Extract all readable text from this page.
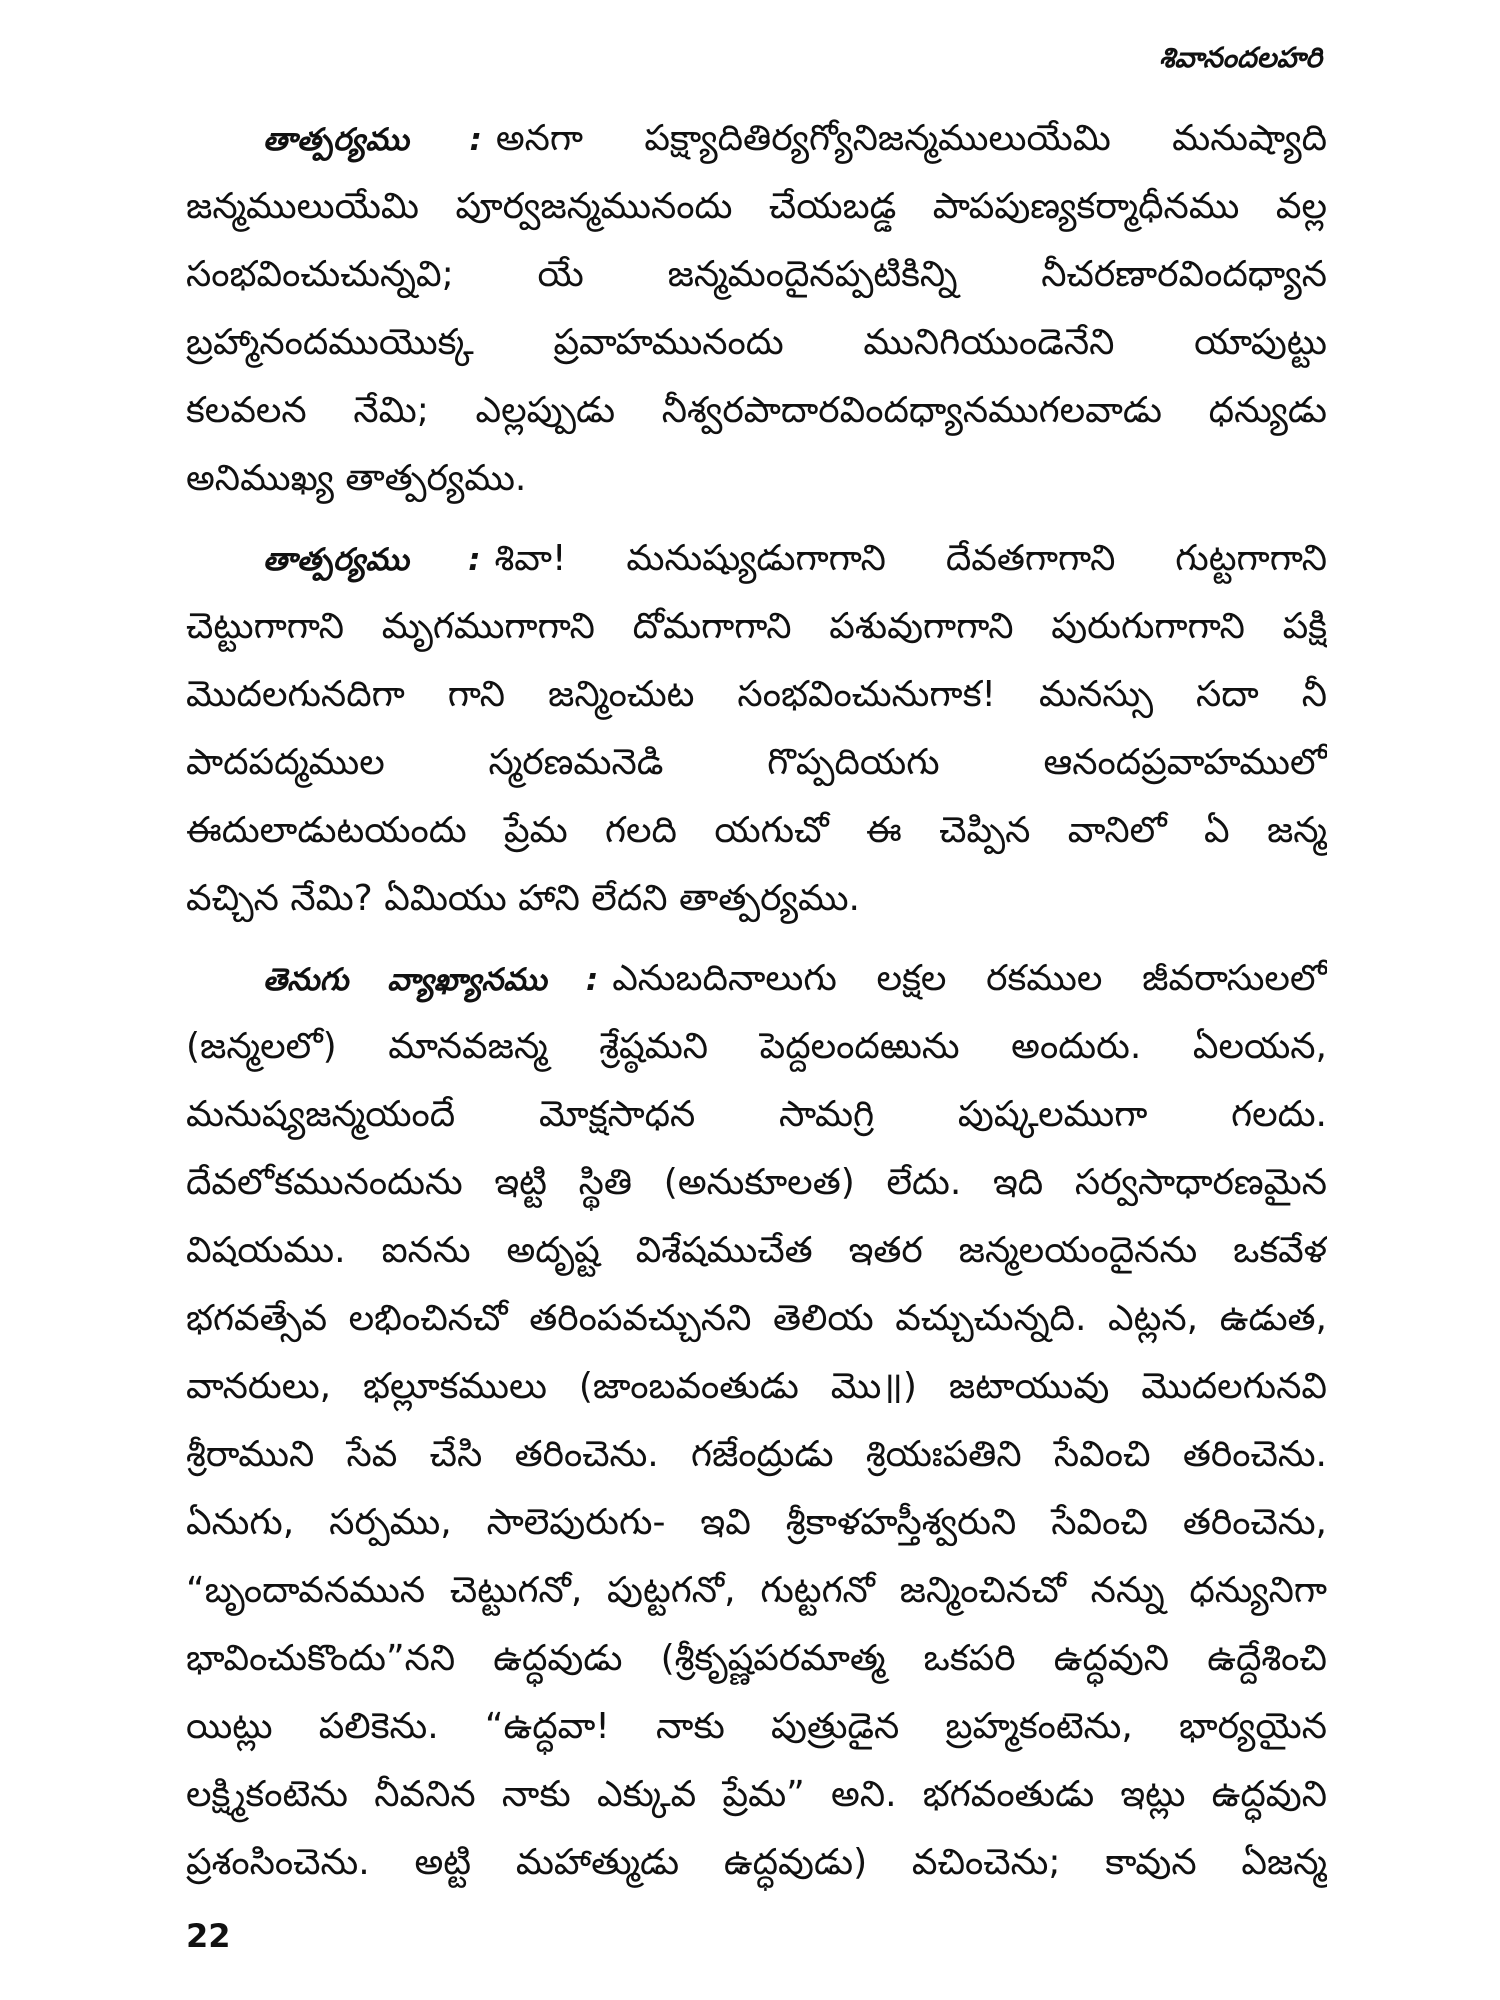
శివానందలహరి
తాత్పర్యము : అనగా పక్ష్యాదితిర్యగ్యోనిజన్మములుయేమి మనుష్యాది
జన్మములుయేమి పూర్వజన్మమునందు చేయబడ్డ పాపపుణ్యకర్మాధీనము వల్ల
సంభవించుచున్నవి; యే జన్మమందైనప్పటికిన్ని నీచరణారవిందధ్యాన
బ్రహ్మానందముయొక్క ప్రవాహమునందు మునిగియుండెనేని యాపుట్టు
కలవలన నేమి; ఎల్లప్పుడు నీశ్వరపాదారవిందధ్యానముగలవాడు ధన్యుడు
అనిముఖ్య తాత్పర్యము.
తాత్పర్యము : శివా! మనుష్యుడుగాగాని దేవతగాగాని గుట్టగాగాని
చెట్టుగాగాని మృగముగాగాని దోమగాగాని పశువుగాగాని పురుగుగాగాని పక్షి
మొదలగునదిగా గాని జన్మించుట సంభవించునుగాక! మనస్సు సదా నీ
పాదపద్మముల స్మరణమనెడి గొప్పదియగు ఆనందప్రవాహములో
ఈదులాడుటయందు ప్రేమ గలది యగుచో ఈ చెప్పిన వానిలో ఏ జన్మ
వచ్చిన నేమి? ఏమియు హాని లేదని తాత్పర్యము.
తెనుగు వ్యాఖ్యానము : ఎనుబదినాలుగు లక్షల రకముల జీవరాసులలో
(జన్మలలో) మానవజన్మ శ్రేష్ఠమని పెద్దలందఱును అందురు. ఏలయన,
మనుష్యజన్మయందే మోక్షసాధన సామగ్రి పుష్కలముగా గలదు.
దేవలోకమునందును ఇట్టి స్థితి (అనుకూలత) లేదు. ఇది సర్వసాధారణమైన
విషయము. ఐనను అదృష్ట విశేషముచేత ఇతర జన్మలయందైనను ఒకవేళ
భగవత్సేవ లభించినచో తరింపవచ్చునని తెలియ వచ్చుచున్నది. ఎట్లన, ఉడుత,
వానరులు, భల్లూకములు (జాంబవంతుడు మొ॥) జటాయువు మొదలగునవి
శ్రీరాముని సేవ చేసి తరించెను. గజేంద్రుడు శ్రియఃపతిని సేవించి తరించెను.
ఏనుగు, సర్పము, సాలెపురుగు- ఇవి శ్రీకాళహస్తీశ్వరుని సేవించి తరించెను,
“బృందావనమున చెట్టుగనో, పుట్టగనో, గుట్టగనో జన్మించినచో నన్ను ధన్యునిగా
భావించుకొందు”నని ఉద్ధవుడు (శ్రీకృష్ణపరమాత్మ ఒకపరి ఉద్ధవుని ఉద్దేశించి
యిట్లు పలికెను. “ఉద్ధవా! నాకు పుత్రుడైన బ్రహ్మకంటెను, భార్యయైన
లక్ష్మికంటెను నీవనిన నాకు ఎక్కువ ప్రేమ” అని. భగవంతుడు ఇట్లు ఉద్ధవుని
ప్రశంసించెను. అట్టి మహాత్ముడు ఉద్ధవుడు) వచించెను; కావున ఏజన్మ
22
